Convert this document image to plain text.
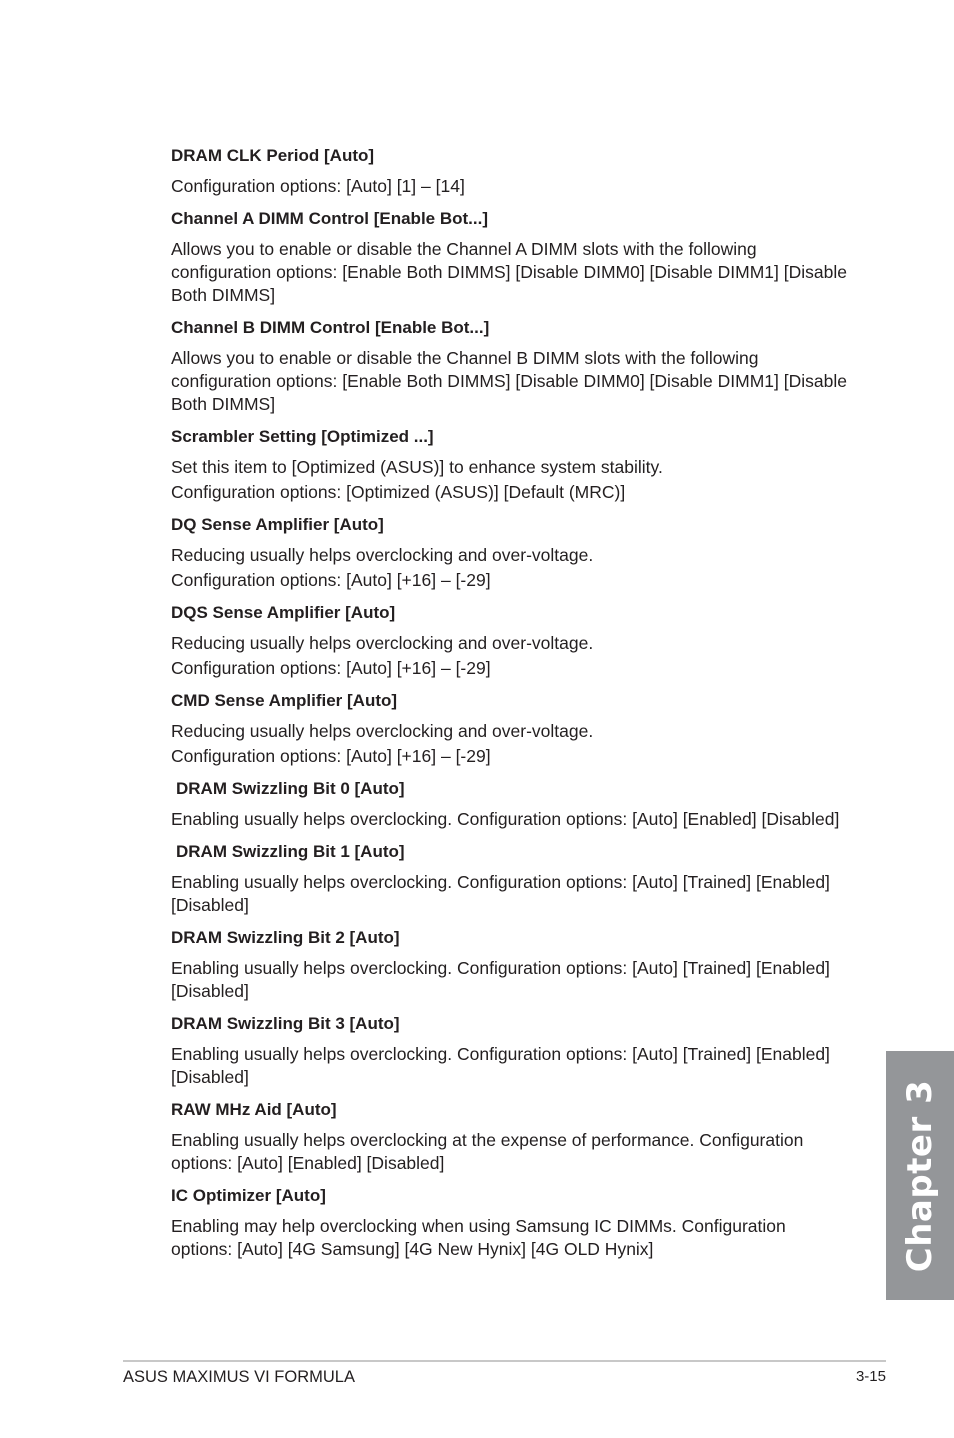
DRAM CLK Period [Auto]

Configuration options: [Auto] [1] – [14]

Channel A DIMM Control [Enable Bot...]

Allows you to enable or disable the Channel A DIMM slots with the following configuration options: [Enable Both DIMMS] [Disable DIMM0] [Disable DIMM1] [Disable Both DIMMS]

Channel B DIMM Control [Enable Bot...]

Allows you to enable or disable the Channel B DIMM slots with the following configuration options: [Enable Both DIMMS] [Disable DIMM0] [Disable DIMM1] [Disable Both DIMMS]

Scrambler Setting [Optimized ...]

Set this item to [Optimized (ASUS)] to enhance system stability.

Configuration options: [Optimized (ASUS)] [Default (MRC)]

DQ Sense Amplifier [Auto]

Reducing usually helps overclocking and over-voltage.

Configuration options: [Auto] [+16] – [-29]

DQS Sense Amplifier [Auto]

Reducing usually helps overclocking and over-voltage.

Configuration options: [Auto] [+16] – [-29]

CMD Sense Amplifier [Auto]

Reducing usually helps overclocking and over-voltage.

Configuration options: [Auto] [+16] – [-29]

DRAM Swizzling Bit 0 [Auto]

Enabling usually helps overclocking. Configuration options: [Auto] [Enabled] [Disabled]

DRAM Swizzling Bit 1 [Auto]

Enabling usually helps overclocking. Configuration options: [Auto] [Trained] [Enabled] [Disabled]

DRAM Swizzling Bit 2 [Auto]

Enabling usually helps overclocking. Configuration options: [Auto] [Trained] [Enabled] [Disabled]

DRAM Swizzling Bit 3 [Auto]

Enabling usually helps overclocking. Configuration options: [Auto] [Trained] [Enabled] [Disabled]

RAW MHz Aid [Auto]

Enabling usually helps overclocking at the expense of performance. Configuration options: [Auto] [Enabled] [Disabled]

IC Optimizer [Auto]

Enabling may help overclocking when using Samsung IC DIMMs. Configuration options: [Auto] [4G Samsung] [4G New Hynix] [4G OLD Hynix]	Chapter 3
ASUS MAXIMUS VI FORMULA	3-15
